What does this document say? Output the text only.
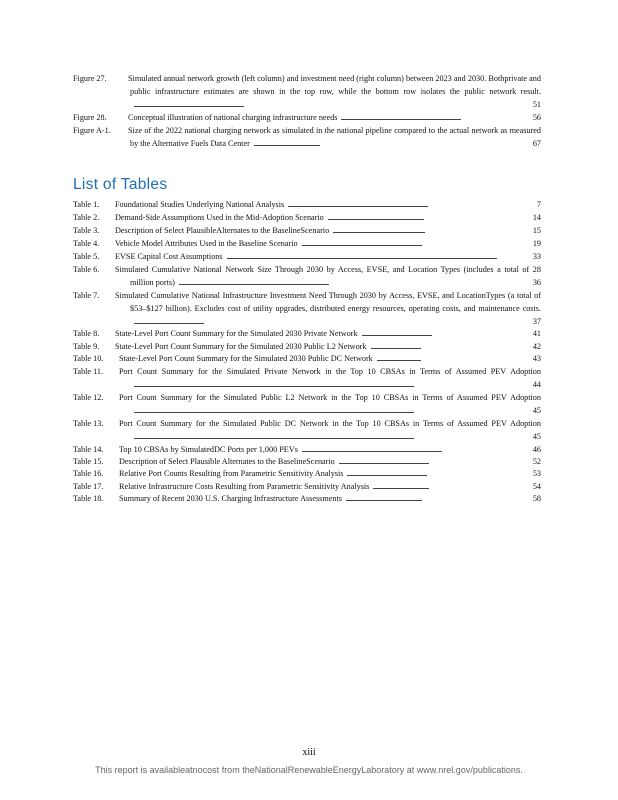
Figure 27.	Simulated annual network growth (left column) and investment need (right column) between 2023 and 2030. Bothprivate and public infrastructure estimates are shown in the top row, while the bottom row isolates the public network result.
51
Figure 28.	Conceptual illustration of national charging infrastructure needs	56
Figure A-1. Size of the 2022 national charging network as simulated in the national pipeline compared to the actual network as measured by the Alternative Fuels Data Center	67
List of Tables
Table 1. Foundational Studies Underlying National Analysis	7
Table 2. Demand-Side Assumptions Used in the Mid-Adoption Scenario	14
Table 3. Description of Select PlausibleAlternates to the BaselineScenario	15
Table 4. Vehicle Model Attributes Used in the Baseline Scenario	19
Table 5. EVSE Capital Cost Assumptions	33
Table 6. Simulated Cumulative National Network Size Through 2030 by Access, EVSE, and Location Types (includes a total of 28 million ports)	36
Table 7. Simulated Cumulative National Infrastructure Investment Need Through 2030 by Access, EVSE, and LocationTypes (a total of $53–$127 billion). Excludes cost of utility upgrades, distributed energy resources, operating costs, and maintenance costs.
37
Table 8. State-Level Port Count Summary for the Simulated 2030 Private Network	41
Table 9. State-Level Port Count Summary for the Simulated 2030 Public L2 Network	42
Table 10. State-Level Port Count Summary for the Simulated 2030 Public DC Network	43
Table 11. Port Count Summary for the Simulated Private Network in the Top 10 CBSAs in Terms of Assumed PEV Adoption
44
Table 12. Port Count Summary for the Simulated Public L2 Network in the Top 10 CBSAs in Terms of Assumed PEV Adoption
45
Table 13. Port Count Summary for the Simulated Public DC Network in the Top 10 CBSAs in Terms of Assumed PEV Adoption
45
Table 14. Top 10 CBSAs by SimulatedDC Ports per 1,000 PEVs	46
Table 15. Description of Select Plausible Alternates to the BaselineScenario	52
Table 16. Relative Port Counts Resulting from Parametric Sensitivity Analysis	53
Table 17. Relative Infrastructure Costs Resulting from Parametric Sensitivity Analysis	54
Table 18. Summary of Recent 2030 U.S. Charging Infrastructure Assessments	58
xiii
This report is availableatnocost from theNationalRenewableEnergyLaboratory at www.nrel.gov/publications.
